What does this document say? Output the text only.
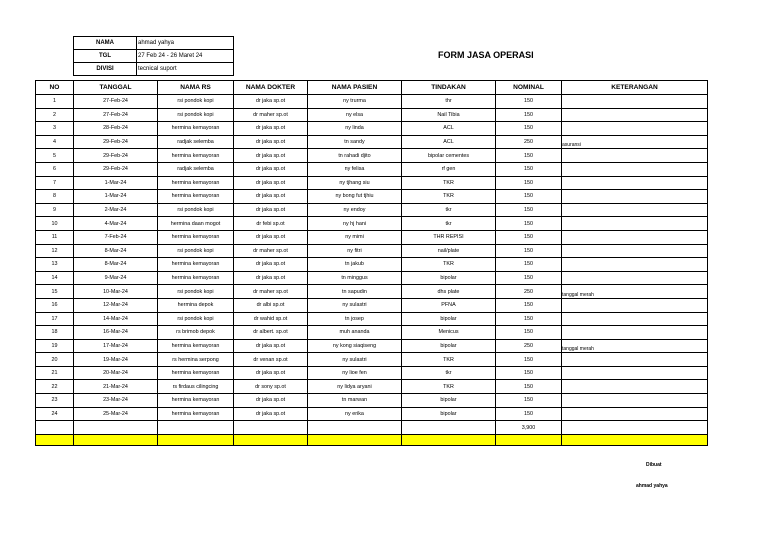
NAMA	ahmad yahya
TGL	27 Feb 24 - 26 Maret 24
DIVISI	tecnical suport
FORM JASA OPERASI
NO	TANGGAL	NAMA RS	NAMA DOKTER	NAMA PASIEN	TINDAKAN	NOMINAL	KETERANGAN
1	27-Feb-24	rsi pondok kopi	dr jaka sp.ot	ny trurma	thr	150	
2	27-Feb-24	rsi pondok kopi	dr maher sp.ot	ny elsa	Nail Tibia	150	
3	28-Feb-24	hermina kemayoran	dr jaka sp.ot	ny linda	ACL	150	
4	29-Feb-24	radjak selemba	dr jaka sp.ot	tn sandy	ACL	250	asuransi
5	29-Feb-24	hermina kemayoran	dr jaka sp.ot	tn rahadi djito	bipolar cementes	150	
6	29-Feb-24	radjak selemba	dr jaka sp.ot	ny felisa	rf gen	150	
7	1-Mar-24	hermina kemayoran	dr jaka sp.ot	ny tjhang siu	TKR	150	
8	1-Mar-24	hermina kemayoran	dr jaka sp.ot	ny bong fut tjhiu	TKR	150	
9	2-Mar-24	rsi pondok kopi	dr jaka sp.ot	ny endoy	tkr	150	
10	4-Mar-24	hermina daan mogot	dr febi sp.ot	ny hj hani	tkr	150	
11	7-Feb-24	hermina kemayoran	dr jaka sp.ot	ny mimi	THR REPISI	150	
12	8-Mar-24	rsi pondok kopi	dr maher sp.ot	ny fitri	nail/plate	150	
13	8-Mar-24	hermina kemayoran	dr jaka sp.ot	tn jakub	TKR	150	
14	9-Mar-24	hermina kemayoran	dr jaka sp.ot	tn minggus	bipolar	150	
15	10-Mar-24	rsi pondok kopi	dr maher sp.ot	tn sapudin	dhs plate	250	tanggal merah
16	12-Mar-24	hermina depok	dr albi sp.ot	ny sulastri	PFNA	150	
17	14-Mar-24	rsi pondok kopi	dr wahid sp.ot	tn josep	bipolar	150	
18	16-Mar-24	rs brimob depok	dr albert. sp.ot	muh ananda	Menicus	150	
19	17-Mar-24	hermina kemayoran	dr jaka sp.ot	ny kong siaqiseng	bipolar	250	tanggal merah
20	19-Mar-24	rs hermina serpong	dr venan sp.ot	ny sulastri	TKR	150	
21	20-Mar-24	hermina kemayoran	dr jaka sp.ot	ny lioe fen	tkr	150	
22	21-Mar-24	rs firdaus cilingcing	dr sony sp.ot	ny lidya aryani	TKR	150	
23	23-Mar-24	hermina kemayoran	dr jaka sp.ot	tn marwan	bipolar	150	
24	25-Mar-24	hermina kemayoran	dr jaka sp.ot	ny erika	bipolar	150	
						3,900	

Dibuat
ahmad yahya
